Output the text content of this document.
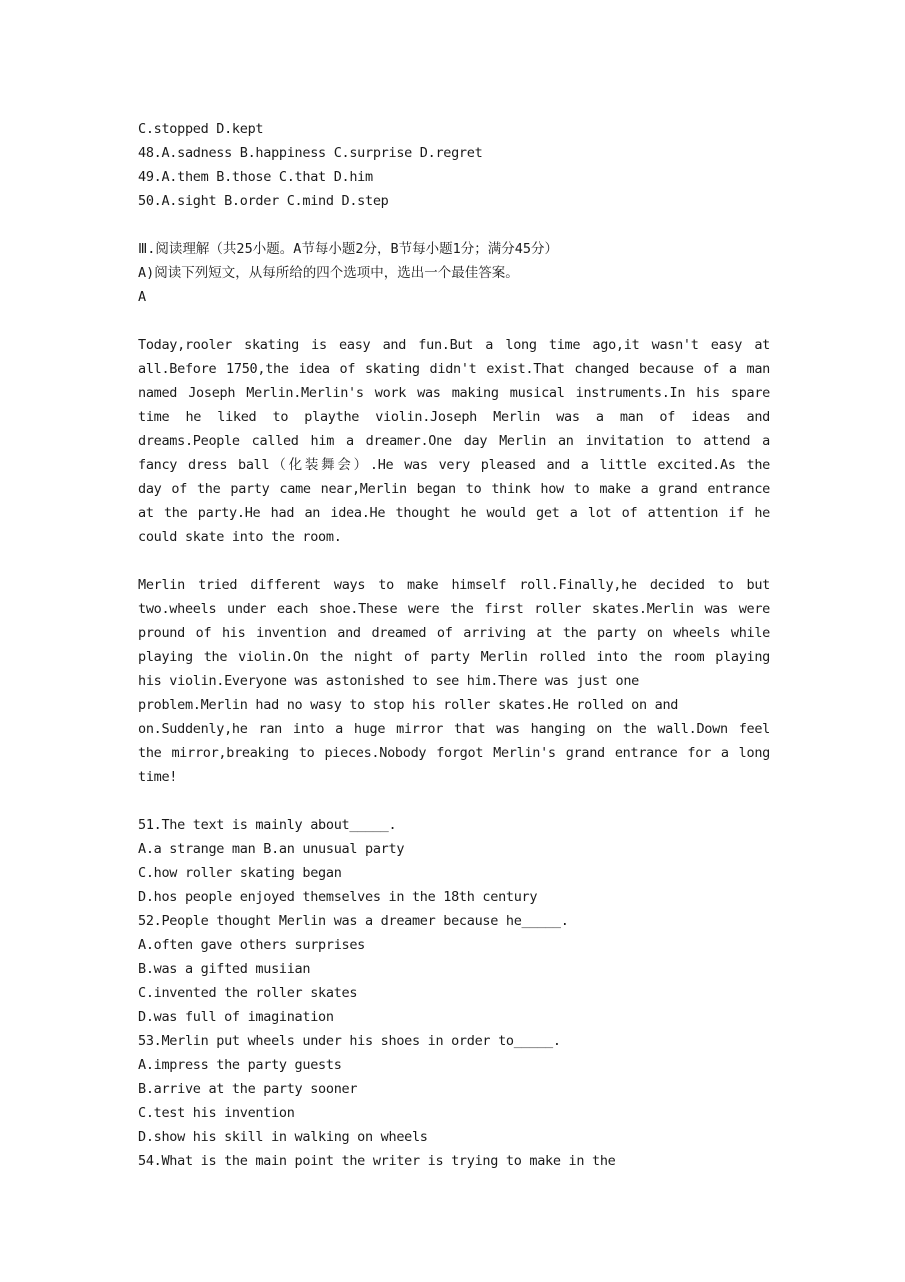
C.stopped D.kept
48.A.sadness B.happiness C.surprise D.regret
49.A.them B.those C.that D.him
50.A.sight B.order C.mind D.step
Ⅲ.阅读理解（共25小题。A节每小题2分，B节每小题1分；满分45分）
A)阅读下列短文，从每所给的四个选项中，选出一个最佳答案。
A
Today,rooler skating is easy and fun.But a long time ago,it wasn't easy at
all.Before 1750,the idea of skating didn't exist.That changed because of a man
named Joseph Merlin.Merlin's work was making musical instruments.In his spare
time he liked to playthe violin.Joseph Merlin was a man of ideas and
dreams.People called him a dreamer.One day Merlin an invitation to attend a
fancy dress ball（化装舞会）.He was very pleased and a little excited.As the
day of the party came near,Merlin began to think how to make a grand entrance
at the party.He had an idea.He thought he would get a lot of attention if he
could skate into the room.
Merlin tried different ways to make himself roll.Finally,he decided to but
two.wheels under each shoe.These were the first roller skates.Merlin was were
pround of his invention and dreamed of arriving at the party on wheels while
playing the violin.On the night of party Merlin rolled into the room playing
his violin.Everyone was astonished to see him.There was just one
problem.Merlin had no wasy to stop his roller skates.He rolled on and
on.Suddenly,he ran into a huge mirror that was hanging on the wall.Down feel
the mirror,breaking to pieces.Nobody forgot Merlin's grand entrance for a long
time!
51.The text is mainly about_____.
A.a strange man B.an unusual party
C.how roller skating began
D.hos people enjoyed themselves in the 18th century
52.People thought Merlin was a dreamer because he_____.
A.often gave others surprises
B.was a gifted musiian
C.invented the roller skates
D.was full of imagination
53.Merlin put wheels under his shoes in order to_____.
A.impress the party guests
B.arrive at the party sooner
C.test his invention
D.show his skill in walking on wheels
54.What is the main point the writer is trying to make in the
